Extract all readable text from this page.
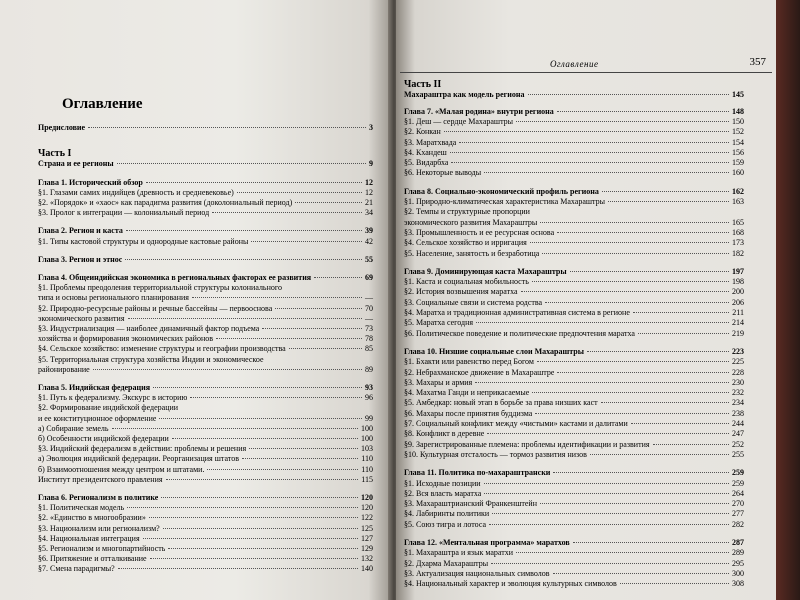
Оглавление
Оглавление	357
Предисловие	3
Часть I
Страна и ее регионы	9
Глава 1. Исторический обзор	12
§1. Глазами самих индийцев (древность и средневековье)	12
§2. «Порядок» и «хаос» как парадигма развития (доколониальный период)	21
§3. Пролог к интеграции — колониальный период	34
Глава 2. Регион и каста	39
§1. Типы кастовой структуры и однородные кастовые районы	42
Глава 3. Регион и этнос	55
Глава 4. Общеиндийская экономика в региональных факторах ее развития	69
§1. Проблемы преодоления территориальной структуры колониального
типа и основы регионального планирования	—
§2. Природно-ресурсные районы и речные бассейны — первооснова	70
экономического развития	—
§3. Индустриализация — наиболее динамичный фактор подъема	73
хозяйства и формирования экономических районов	78
§4. Сельское хозяйство: изменение структуры и географии производства	85
§5. Территориальная структура хозяйства Индии и экономическое
районирование	89
Глава 5. Индийская федерация	93
§1. Путь к федерализму. Экскурс в историю	96
§2. Формирование индийской федерации
и ее конституционное оформление	99
а) Собирание земель	100
б) Особенности индийской федерации	100
§3. Индийский федерализм в действии: проблемы и решения	103
а) Эволюция индийской федерации. Реорганизация штатов	110
б) Взаимоотношения между центром и штатами.	110
Институт президентского правления	115
Глава 6. Регионализм в политике	120
§1. Политическая модель	120
§2. «Единство в многообразии»	122
§3. Национализм или регионализм?	125
§4. Национальная интеграция	127
§5. Регионализм и многопартийность	129
§6. Притяжение и отталкивание	132
§7. Смена парадигмы?	140
Часть II
Махараштра как модель региона	145
Глава 7. «Малая родина» внутри региона	148
§1. Деш — сердце Махараштры	150
§2. Конкан	152
§3. Маратхвада	154
§4. Кхандеш	156
§5. Видарбха	159
§6. Некоторые выводы	160
Глава 8. Социально-экономический профиль региона	162
§1. Природно-климатическая характеристика Махараштры	163
§2. Темпы и структурные пропорции
экономического развития Махараштры	165
§3. Промышленность и ее ресурсная основа	168
§4. Сельское хозяйство и ирригация	173
§5. Население, занятость и безработица	182
Глава 9. Доминирующая каста Махараштры	197
§1. Каста и социальная мобильность	198
§2. История возвышения маратха	200
§3. Социальные связи и система родства	206
§4. Маратха и традиционная административная система в регионе	211
§5. Маратха сегодня	214
§6. Политическое поведение и политические предпочтения маратха	219
Глава 10. Низшие социальные слои Махараштры	223
§1. Бхакти или равенство перед Богом	225
§2. Небрахманское движение в Махараштре	228
§3. Махары и армия	230
§4. Махатма Ганди и неприкасаемые	232
§5. Амбедкар: новый этап в борьбе за права низших каст	234
§6. Махары после принятия буддизма	238
§7. Социальный конфликт между «чистыми» кастами и далитами	244
§8. Конфликт в деревне	247
§9. Зарегистрированные племена: проблемы идентификации и развития	252
§10. Культурная отсталость — тормоз развития низов	255
Глава 11. Политика по-махараштрански	259
§1. Исходные позиции	259
§2. Вся власть маратха	264
§3. Махараштрианский Франкенштейн	270
§4. Лабиринты политики	277
§5. Союз тигра и лотоса	282
Глава 12. «Ментальная программа» маратхов	287
§1. Махараштра и язык маратхи	289
§2. Дхарма Махараштры	295
§3. Актуализация национальных символов	300
§4. Национальный характер и эволюция культурных символов	308
